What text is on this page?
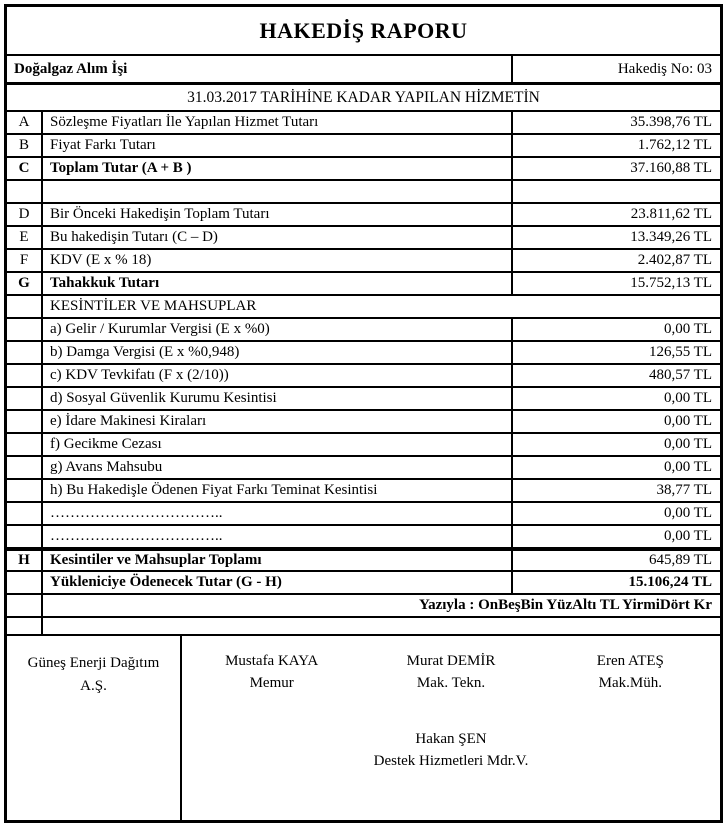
HAKEDİŞ RAPORU
Doğalgaz Alım İşi	Hakediş No: 03
31.03.2017 TARİHİNE KADAR YAPILAN HİZMETİN
A	Sözleşme Fiyatları İle Yapılan Hizmet Tutarı	35.398,76 TL
B	Fiyat Farkı Tutarı	1.762,12 TL
C	Toplam Tutar (A + B )	37.160,88 TL
D	Bir Önceki Hakedişin Toplam Tutarı	23.811,62 TL
E	Bu hakedişin Tutarı (C – D)	13.349,26 TL
F	KDV (E x % 18)	2.402,87 TL
G	Tahakkuk Tutarı	15.752,13 TL
KESİNTİLER VE MAHSUPLAR
a) Gelir / Kurumlar Vergisi (E x %0)	0,00 TL
b) Damga Vergisi (E x %0,948)	126,55 TL
c) KDV Tevkifatı (F x (2/10))	480,57 TL
d) Sosyal Güvenlik Kurumu Kesintisi	0,00 TL
e) İdare Makinesi Kiraları	0,00 TL
f) Gecikme Cezası	0,00 TL
g) Avans Mahsubu	0,00 TL
h) Bu Hakedişle Ödenen Fiyat Farkı Teminat Kesintisi	38,77 TL
……………………………..	0,00 TL
……………………………..	0,00 TL
H	Kesintiler ve Mahsuplar Toplamı	645,89 TL
Yükleniciye Ödenecek Tutar (G - H)	15.106,24 TL
Yazıyla : OnBeşBin YüzAltı TL YirmiDört Kr
Güneş Enerji Dağıtım
A.Ş.
Mustafa KAYA
Memur
Murat DEMİR
Mak. Tekn.
Eren ATEŞ
Mak.Müh.
Hakan ŞEN
Destek Hizmetleri Mdr.V.
